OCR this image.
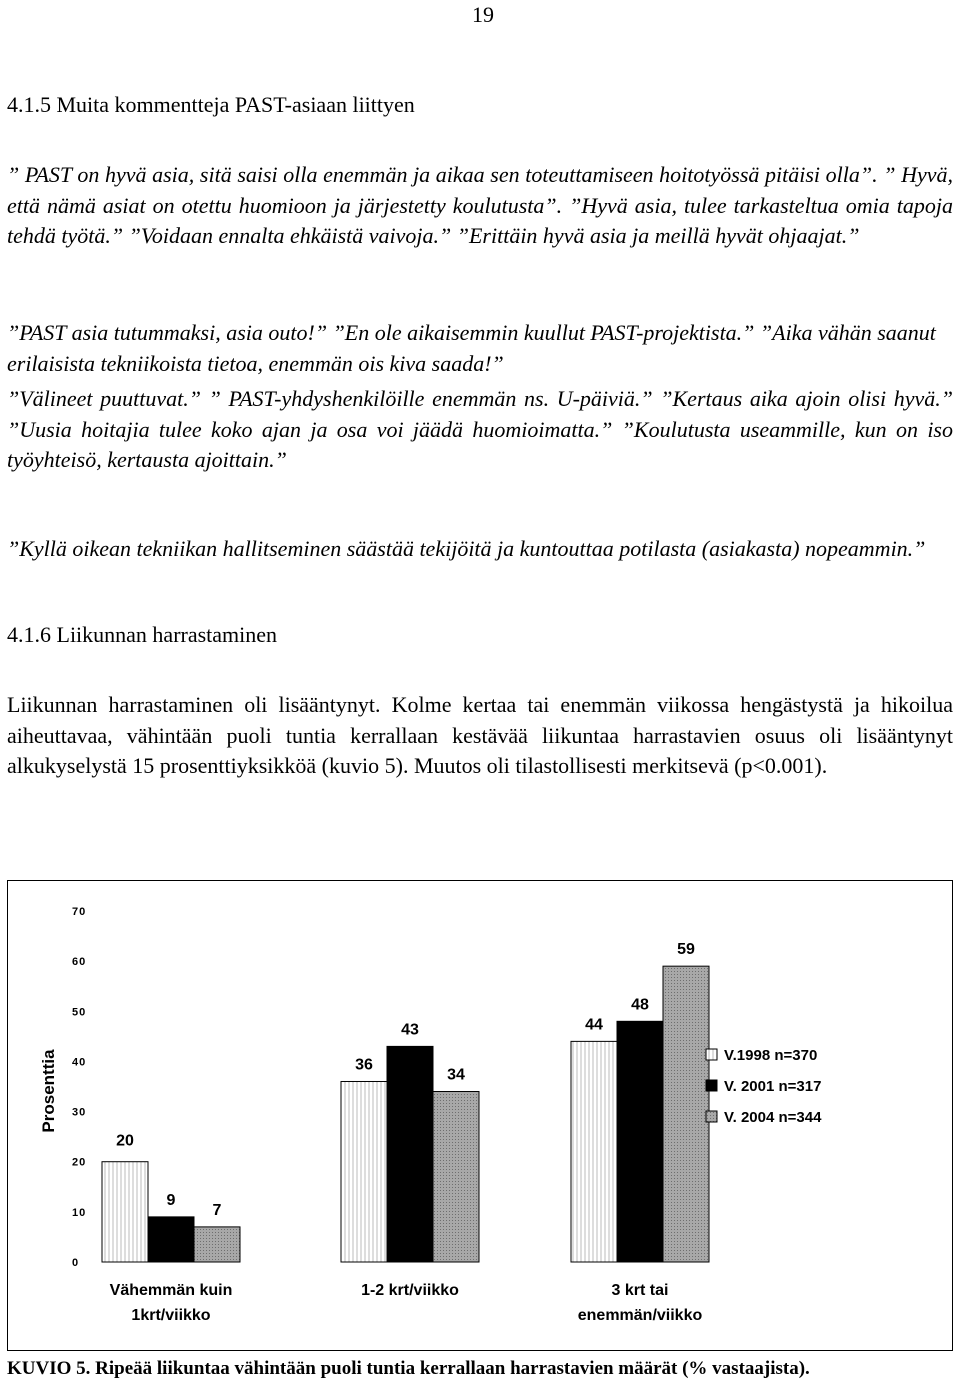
19
4.1.5 Muita kommentteja PAST-asiaan liittyen
” PAST on hyvä asia, sitä saisi olla enemmän ja aikaa sen toteuttamiseen hoitotyössä pitäisi olla”. ” Hyvä, että nämä asiat on otettu huomioon ja järjestetty koulutusta”. ”Hyvä asia, tulee tarkasteltua omia tapoja tehdä työtä.” ”Voidaan ennalta ehkäistä vaivoja.” ”Erittäin hyvä asia ja meillä hyvät ohjaajat.”
”PAST asia tutummaksi, asia outo!” ”En ole aikaisemmin kuullut PAST-projektista.” ”Aika vähän saanut erilaisista tekniikoista tietoa, enemmän ois kiva saada!”
”Välineet puuttuvat.” ” PAST-yhdyshenkilöille enemmän ns. U-päiviä.” ”Kertaus aika ajoin olisi hyvä.” ”Uusia hoitajia tulee koko ajan ja osa voi jäädä huomioimatta.” ”Koulutusta useammille, kun on iso työyhteisö, kertausta ajoittain.”
”Kyllä oikean tekniikan hallitseminen säästää tekijöitä ja kuntouttaa potilasta (asiakasta) nopeammin.”
4.1.6 Liikunnan harrastaminen
Liikunnan harrastaminen oli lisääntynyt. Kolme kertaa tai enemmän viikossa hengästystä ja hikoilua aiheuttavaa, vähintään puoli tuntia kerrallaan kestävää liikuntaa harrastavien osuus oli lisääntynyt alkukyselystä 15 prosenttiyksikköä (kuvio 5). Muutos oli tilastollisesti merkitsevä (p<0.001).
0
10
20
30
40
50
60
70
Prosenttia
20
9
7
Vähemmän kuin
1krt/viikko
36
43
34
1-2 krt/viikko
44
48
59
3 krt tai
enemmän/viikko
V.1998 n=370
V. 2001 n=317
V. 2004 n=344
KUVIO 5. Ripeää liikuntaa vähintään puoli tuntia kerrallaan harrastavien määrät (% vastaajista).
